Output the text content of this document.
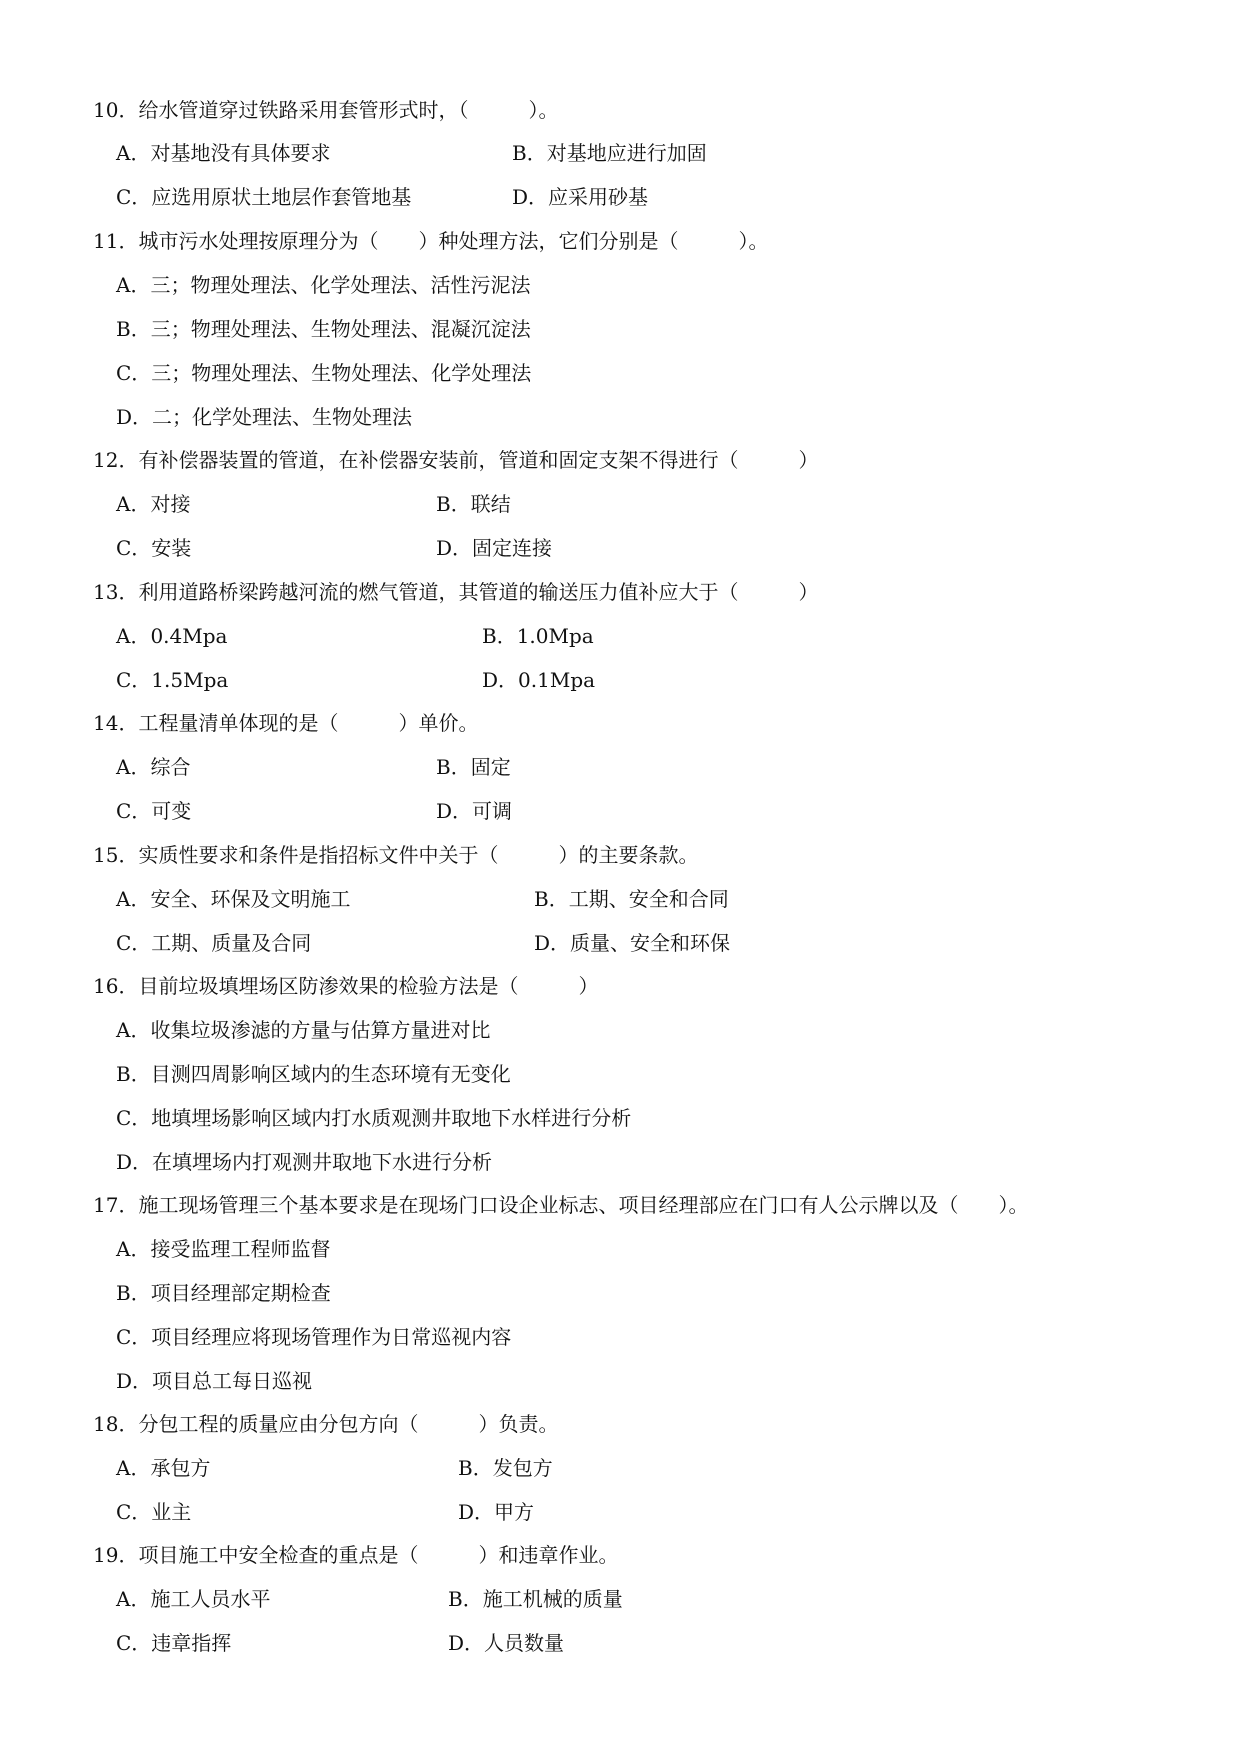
10．给水管道穿过铁路采用套管形式时，（　　　）。
A．对基地没有具体要求	B．对基地应进行加固
C．应选用原状土地层作套管地基	D．应采用砂基
11．城市污水处理按原理分为（　　）种处理方法，它们分别是（　　　）。
A．三；物理处理法、化学处理法、活性污泥法
B．三；物理处理法、生物处理法、混凝沉淀法
C．三；物理处理法、生物处理法、化学处理法
D．二；化学处理法、生物处理法
12．有补偿器装置的管道，在补偿器安装前，管道和固定支架不得进行（　　　）
A．对接	B．联结
C．安装	D．固定连接
13．利用道路桥梁跨越河流的燃气管道，其管道的输送压力值补应大于（　　　）
A．0.4Mpa	B．1.0Mpa
C．1.5Mpa	D．0.1Mpa
14．工程量清单体现的是（　　　）单价。
A．综合	B．固定
C．可变	D．可调
15．实质性要求和条件是指招标文件中关于（　　　）的主要条款。
A．安全、环保及文明施工	B．工期、安全和合同
C．工期、质量及合同	D．质量、安全和环保
16．目前垃圾填埋场区防渗效果的检验方法是（　　　）
A．收集垃圾渗滤的方量与估算方量进对比
B．目测四周影响区域内的生态环境有无变化
C．地填埋场影响区域内打水质观测井取地下水样进行分析
D．在填埋场内打观测井取地下水进行分析
17．施工现场管理三个基本要求是在现场门口设企业标志、项目经理部应在门口有人公示牌以及（　　）。
A．接受监理工程师监督
B．项目经理部定期检查
C．项目经理应将现场管理作为日常巡视内容
D．项目总工每日巡视
18．分包工程的质量应由分包方向（　　　）负责。
A．承包方	B．发包方
C．业主	D．甲方
19．项目施工中安全检查的重点是（　　　）和违章作业。
A．施工人员水平	B．施工机械的质量
C．违章指挥	D．人员数量
